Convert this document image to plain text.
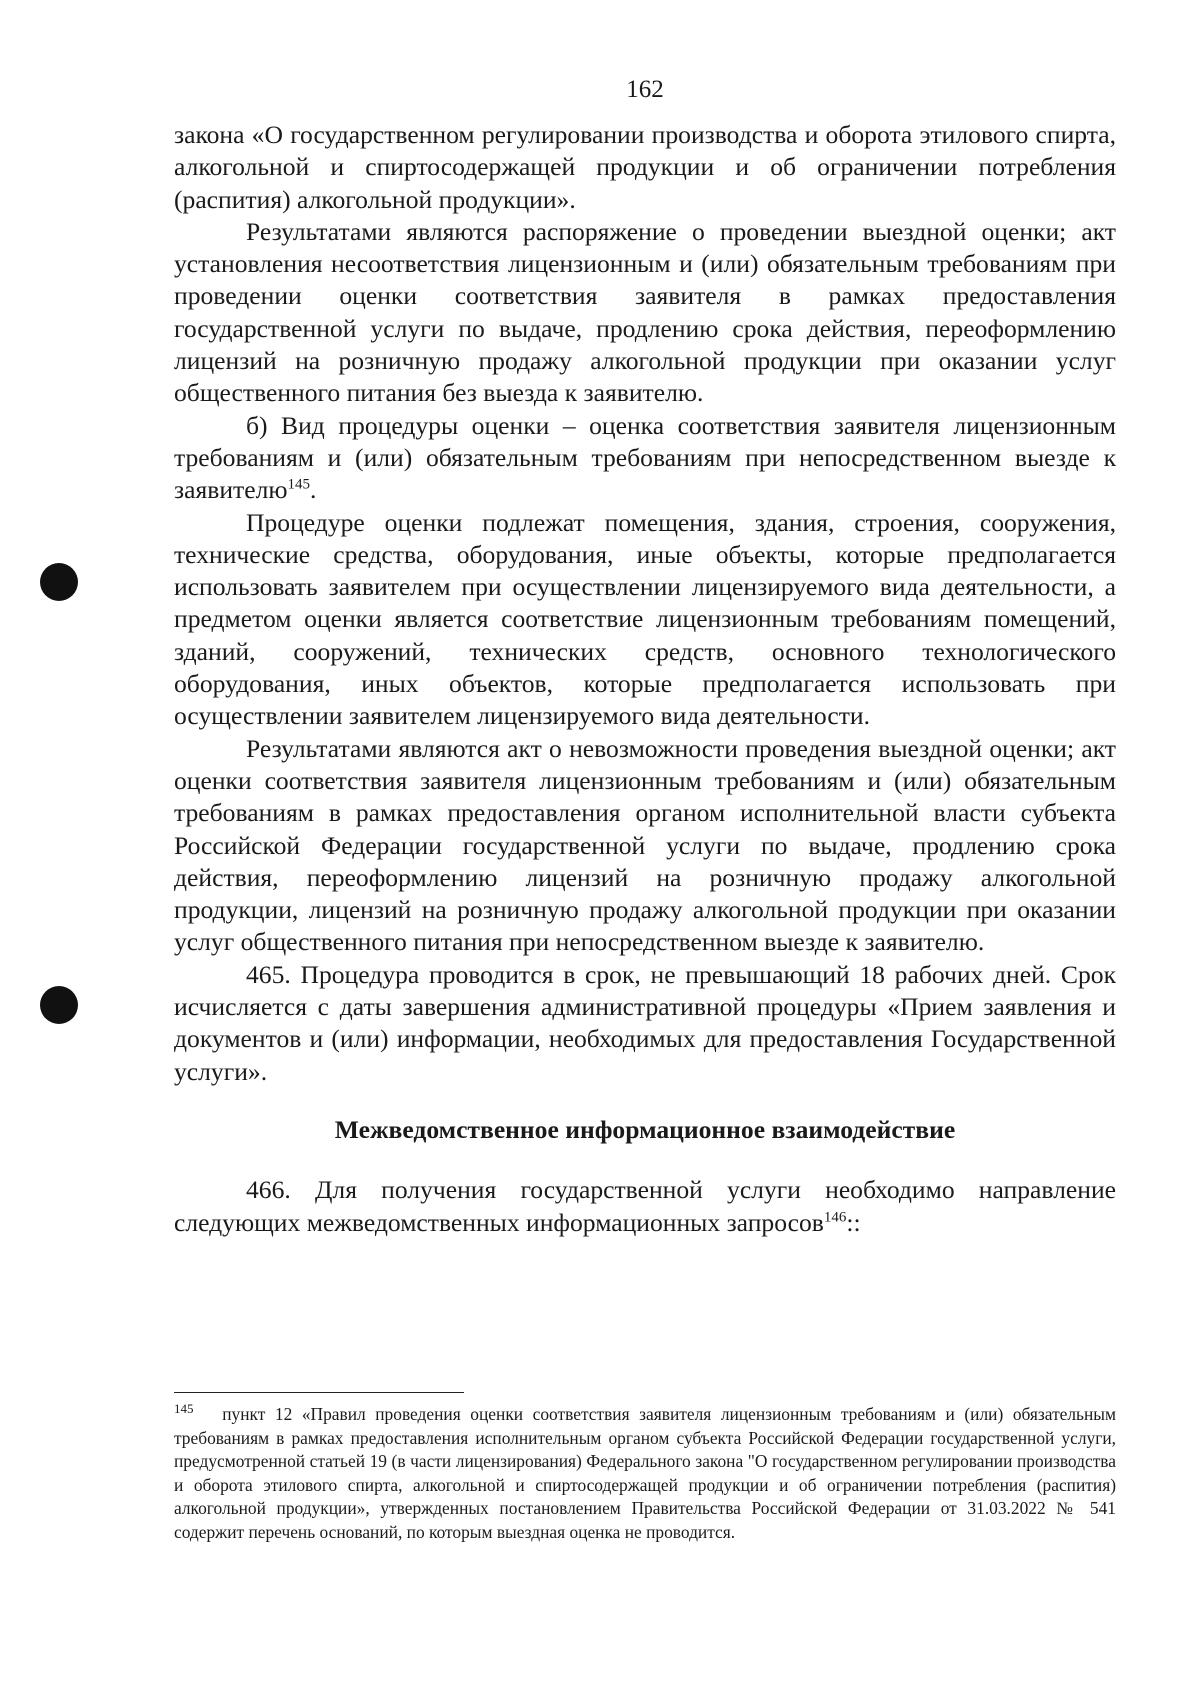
162

закона «О государственном регулировании производства и оборота этилового спирта, алкогольной и спиртосодержащей продукции и об ограничении потребления (распития) алкогольной продукции».

Результатами являются распоряжение о проведении выездной оценки; акт установления несоответствия лицензионным и (или) обязательным требованиям при проведении оценки соответствия заявителя в рамках предоставления государственной услуги по выдаче, продлению срока действия, переоформлению лицензий на розничную продажу алкогольной продукции при оказании услуг общественного питания без выезда к заявителю.

б) Вид процедуры оценки – оценка соответствия заявителя лицензионным требованиям и (или) обязательным требованиям при непосредственном выезде к заявителю$^{145}$.

Процедуре оценки подлежат помещения, здания, строения, сооружения, технические средства, оборудования, иные объекты, которые предполагается использовать заявителем при осуществлении лицензируемого вида деятельности, а предметом оценки является соответствие лицензионным требованиям помещений, зданий, сооружений, технических средств, основного технологического оборудования, иных объектов, которые предполагается использовать при осуществлении заявителем лицензируемого вида деятельности.

Результатами являются акт о невозможности проведения выездной оценки; акт оценки соответствия заявителя лицензионным требованиям и (или) обязательным требованиям в рамках предоставления органом исполнительной власти субъекта Российской Федерации государственной услуги по выдаче, продлению срока действия, переоформлению лицензий на розничную продажу алкогольной продукции, лицензий на розничную продажу алкогольной продукции при оказании услуг общественного питания при непосредственном выезде к заявителю.

465. Процедура проводится в срок, не превышающий 18 рабочих дней. Срок исчисляется с даты завершения административной процедуры «Прием заявления и документов и (или) информации, необходимых для предоставления Государственной услуги».

Межведомственное информационное взаимодействие

466. Для получения государственной услуги необходимо направление следующих межведомственных информационных запросов$^{146}$::

$^{145}$ пункт 12 «Правил проведения оценки соответствия заявителя лицензионным требованиям и (или) обязательным требованиям в рамках предоставления исполнительным органом субъекта Российской Федерации государственной услуги, предусмотренной статьей 19 (в части лицензирования) Федерального закона "О государственном регулировании производства и оборота этилового спирта, алкогольной и спиртосодержащей продукции и об ограничении потребления (распития) алкогольной продукции», утвержденных постановлением Правительства Российской Федерации от 31.03.2022 № 541 содержит перечень оснований, по которым выездная оценка не проводится.
